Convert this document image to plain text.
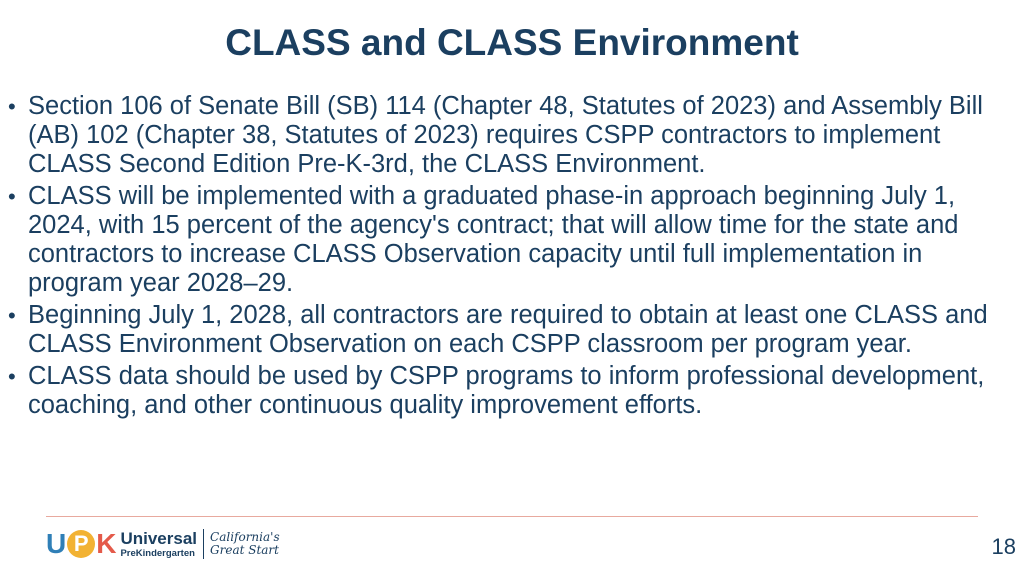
CLASS and CLASS Environment
• Section 106 of Senate Bill (SB) 114 (Chapter 48, Statutes of 2023) and Assembly Bill (AB) 102 (Chapter 38, Statutes of 2023) requires CSPP contractors to implement CLASS Second Edition Pre-K-3rd, the CLASS Environment.
• CLASS will be implemented with a graduated phase-in approach beginning July 1, 2024, with 15 percent of the agency's contract; that will allow time for the state and contractors to increase CLASS Observation capacity until full implementation in program year 2028–29.
• Beginning July 1, 2028, all contractors are required to obtain at least one CLASS and CLASS Environment Observation on each CSPP classroom per program year.
• CLASS data should be used by CSPP programs to inform professional development, coaching, and other continuous quality improvement efforts.
U P K Universal
PreKindergarten
California's
Great Start	18
